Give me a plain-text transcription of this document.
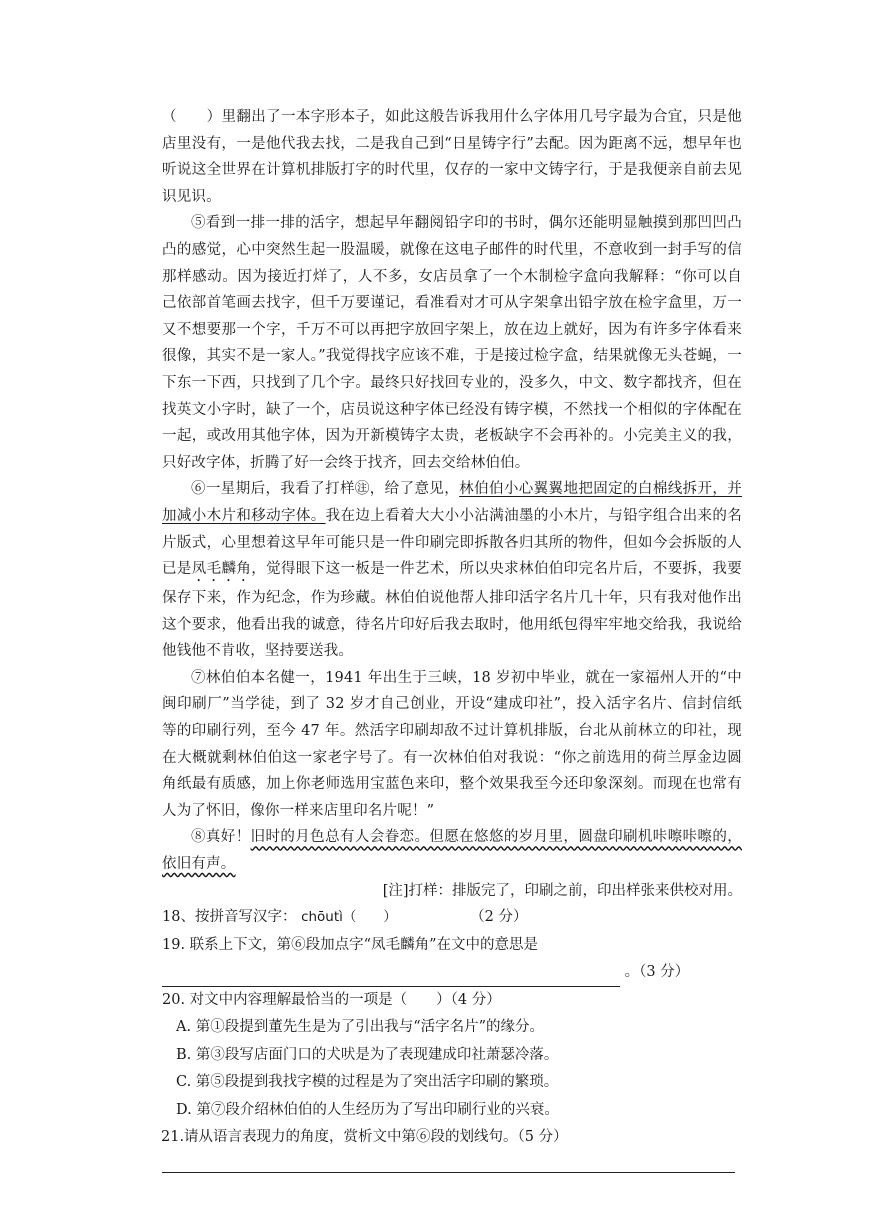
（　　）里翻出了一本字形本子，如此这般告诉我用什么字体用几号字最为合宜，只是他店里没有，一是他代我去找，二是我自己到“日星铸字行”去配。因为距离不远，想早年也听说这全世界在计算机排版打字的时代里，仅存的一家中文铸字行，于是我便亲自前去见识见识。

⑤看到一排一排的活字，想起早年翻阅铅字印的书时，偶尔还能明显触摸到那凹凹凸凸的感觉，心中突然生起一股温暖，就像在这电子邮件的时代里，不意收到一封手写的信那样感动。因为接近打烊了，人不多，女店员拿了一个木制检字盒向我解释：“你可以自己依部首笔画去找字，但千万要谨记，看准看对才可从字架拿出铅字放在检字盒里，万一又不想要那一个字，千万不可以再把字放回字架上，放在边上就好，因为有许多字体看来很像，其实不是一家人。”我觉得找字应该不难，于是接过检字盒，结果就像无头苍蝇，一下东一下西，只找到了几个字。最终只好找回专业的，没多久，中文、数字都找齐，但在找英文小字时，缺了一个，店员说这种字体已经没有铸字模，不然找一个相似的字体配在一起，或改用其他字体，因为开新模铸字太贵，老板缺字不会再补的。小完美主义的我，只好改字体，折腾了好一会终于找齐，回去交给林伯伯。

⑥一星期后，我看了打样㊟，给了意见，林伯伯小心翼翼地把固定的白棉线拆开，并加减小木片和移动字体。我在边上看着大大小小沾满油墨的小木片，与铅字组合出来的名片版式，心里想着这早年可能只是一件印刷完即拆散各归其所的物件，但如今会拆版的人已是凤毛麟角，觉得眼下这一板是一件艺术，所以央求林伯伯印完名片后，不要拆，我要保存下来，作为纪念，作为珍藏。林伯伯说他帮人排印活字名片几十年，只有我对他作出这个要求，他看出我的诚意，待名片印好后我去取时，他用纸包得牢牢地交给我，我说给他钱他不肯收，坚持要送我。

⑦林伯伯本名健一，1941 年出生于三峡，18 岁初中毕业，就在一家福州人开的“中闽印刷厂”当学徒，到了 32 岁才自己创业，开设“建成印社”，投入活字名片、信封信纸等的印刷行列，至今 47 年。然活字印刷却敌不过计算机排版，台北从前林立的印社，现在大概就剩林伯伯这一家老字号了。有一次林伯伯对我说：“你之前选用的荷兰厚金边圆角纸最有质感，加上你老师选用宝蓝色来印，整个效果我至今还印象深刻。而现在也常有人为了怀旧，像你一样来店里印名片呢！”

⑧真好！旧时的月色总有人会眷恋。但愿在悠悠的岁月里，圆盘印刷机咔嚓咔嚓的，依旧有声。

[注]打样：排版完了，印刷之前，印出样张来供校对用。

18、按拼音写汉字： chōutì（　　）	（2 分）

19. 联系上下文，第⑥段加点字“凤毛麟角”在文中的意思是

。（3 分）

20. 对文中内容理解最恰当的一项是（　　）（4 分）

A. 第①段提到董先生是为了引出我与“活字名片”的缘分。

B. 第③段写店面门口的犬吠是为了表现建成印社萧瑟冷落。

C. 第⑤段提到我找字模的过程是为了突出活字印刷的繁琐。

D. 第⑦段介绍林伯伯的人生经历为了写出印刷行业的兴衰。

21.请从语言表现力的角度，赏析文中第⑥段的划线句。（5 分）
